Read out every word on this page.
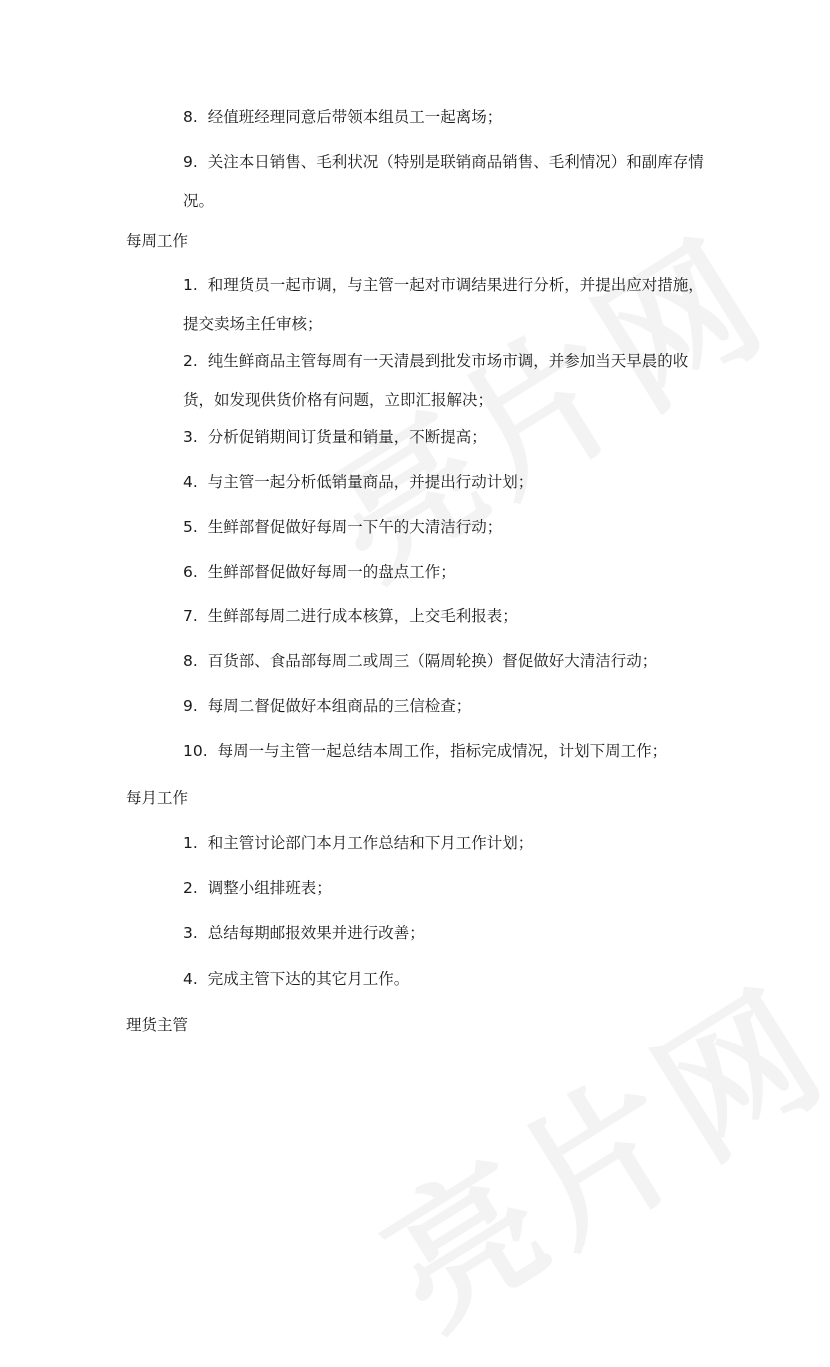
8. 经值班经理同意后带领本组员工一起离场；

9. 关注本日销售、毛利状况（特别是联销商品销售、毛利情况）和副库存情况。

每周工作

1. 和理货员一起市调，与主管一起对市调结果进行分析，并提出应对措施，提交卖场主任审核；

2. 纯生鲜商品主管每周有一天清晨到批发市场市调，并参加当天早晨的收货，如发现供货价格有问题，立即汇报解决；

3. 分析促销期间订货量和销量，不断提高；

4. 与主管一起分析低销量商品，并提出行动计划；

5. 生鲜部督促做好每周一下午的大清洁行动；

6. 生鲜部督促做好每周一的盘点工作；

7. 生鲜部每周二进行成本核算，上交毛利报表；

8. 百货部、食品部每周二或周三（隔周轮换）督促做好大清洁行动；

9. 每周二督促做好本组商品的三信检查；

10. 每周一与主管一起总结本周工作，指标完成情况，计划下周工作；

每月工作

1. 和主管讨论部门本月工作总结和下月工作计划；

2. 调整小组排班表；

3. 总结每期邮报效果并进行改善；

4. 完成主管下达的其它月工作。

理货主管
